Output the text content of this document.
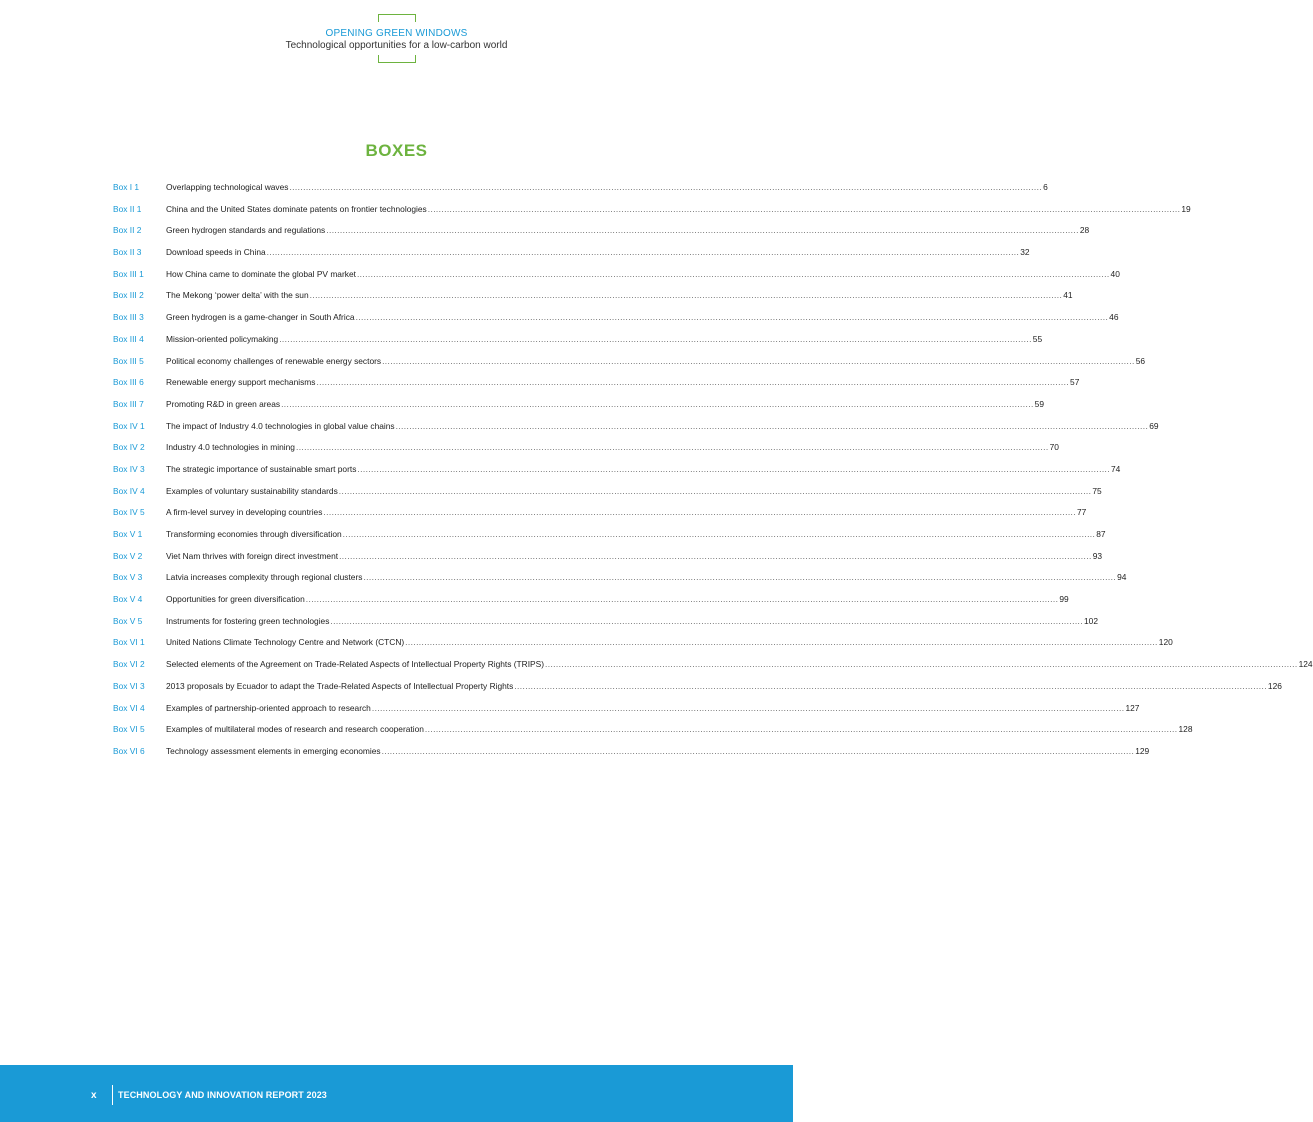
OPENING GREEN WINDOWS
Technological opportunities for a low-carbon world
BOXES
Box I 1	Overlapping technological waves .....	6
Box II 1	China and the United States dominate patents on frontier technologies .....	19
Box II 2	Green hydrogen standards and regulations .....	28
Box II 3	Download speeds in China .....	32
Box III 1	How China came to dominate the global PV market .....	40
Box III 2	The Mekong ‘power delta’ with the sun .....	41
Box III 3	Green hydrogen is a game-changer in South Africa .....	46
Box III 4	Mission-oriented policymaking .....	55
Box III 5	Political economy challenges of renewable energy sectors .....	56
Box III 6	Renewable energy support mechanisms .....	57
Box III 7	Promoting R&D in green areas .....	59
Box IV 1	The impact of Industry 4.0 technologies in global value chains .....	69
Box IV 2	Industry 4.0 technologies in mining .....	70
Box IV 3	The strategic importance of sustainable smart ports .....	74
Box IV 4	Examples of voluntary sustainability standards .....	75
Box IV 5	A firm-level survey in developing countries .....	77
Box V 1	Transforming economies through diversification .....	87
Box V 2	Viet Nam thrives with foreign direct investment .....	93
Box V 3	Latvia increases complexity through regional clusters .....	94
Box V 4	Opportunities for green diversification .....	99
Box V 5	Instruments for fostering green technologies .....	102
Box VI 1	United Nations Climate Technology Centre and Network (CTCN) .....	120
Box VI 2	Selected elements of the Agreement on Trade-Related Aspects of Intellectual Property Rights (TRIPS) .....	124
Box VI 3	2013 proposals by Ecuador to adapt the Trade-Related Aspects of Intellectual Property Rights .....	126
Box VI 4	Examples of partnership-oriented approach to research .....	127
Box VI 5	Examples of multilateral modes of research and research cooperation .....	128
Box VI 6	Technology assessment elements in emerging economies .....	129
x TECHNOLOGY AND INNOVATION REPORT 2023
